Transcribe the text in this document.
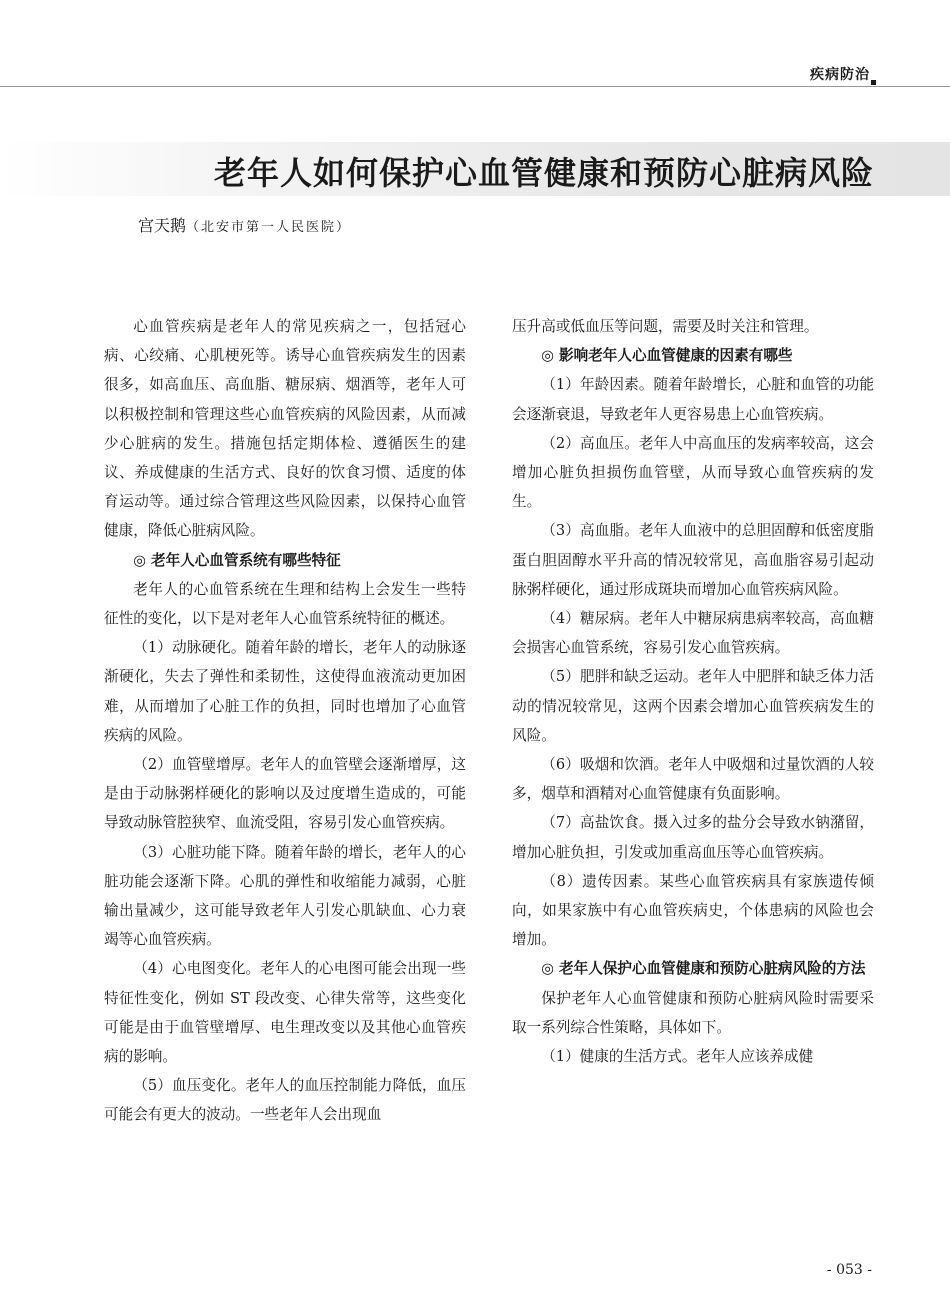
疾病防治
老年人如何保护心血管健康和预防心脏病风险
宫天鹅（北安市第一人民医院）

心血管疾病是老年人的常见疾病之一，包括冠心病、心绞痛、心肌梗死等。诱导心血管疾病发生的因素很多，如高血压、高血脂、糖尿病、烟酒等，老年人可以积极控制和管理这些心血管疾病的风险因素，从而减少心脏病的发生。措施包括定期体检、遵循医生的建议、养成健康的生活方式、良好的饮食习惯、适度的体育运动等。通过综合管理这些风险因素，以保持心血管健康，降低心脏病风险。

◎ 老年人心血管系统有哪些特征

老年人的心血管系统在生理和结构上会发生一些特征性的变化，以下是对老年人心血管系统特征的概述。

（1）动脉硬化。随着年龄的增长，老年人的动脉逐渐硬化，失去了弹性和柔韧性，这使得血液流动更加困难，从而增加了心脏工作的负担，同时也增加了心血管疾病的风险。

（2）血管壁增厚。老年人的血管壁会逐渐增厚，这是由于动脉粥样硬化的影响以及过度增生造成的，可能导致动脉管腔狭窄、血流受阻，容易引发心血管疾病。

（3）心脏功能下降。随着年龄的增长，老年人的心脏功能会逐渐下降。心肌的弹性和收缩能力减弱，心脏输出量减少，这可能导致老年人引发心肌缺血、心力衰竭等心血管疾病。

（4）心电图变化。老年人的心电图可能会出现一些特征性变化，例如 ST 段改变、心律失常等，这些变化可能是由于血管壁增厚、电生理改变以及其他心血管疾病的影响。

（5）血压变化。老年人的血压控制能力降低，血压可能会有更大的波动。一些老年人会出现血

压升高或低血压等问题，需要及时关注和管理。

◎ 影响老年人心血管健康的因素有哪些

（1）年龄因素。随着年龄增长，心脏和血管的功能会逐渐衰退，导致老年人更容易患上心血管疾病。

（2）高血压。老年人中高血压的发病率较高，这会增加心脏负担损伤血管壁，从而导致心血管疾病的发生。

（3）高血脂。老年人血液中的总胆固醇和低密度脂蛋白胆固醇水平升高的情况较常见，高血脂容易引起动脉粥样硬化，通过形成斑块而增加心血管疾病风险。

（4）糖尿病。老年人中糖尿病患病率较高，高血糖会损害心血管系统，容易引发心血管疾病。

（5）肥胖和缺乏运动。老年人中肥胖和缺乏体力活动的情况较常见，这两个因素会增加心血管疾病发生的风险。

（6）吸烟和饮酒。老年人中吸烟和过量饮酒的人较多，烟草和酒精对心血管健康有负面影响。

（7）高盐饮食。摄入过多的盐分会导致水钠潴留，增加心脏负担，引发或加重高血压等心血管疾病。

（8）遗传因素。某些心血管疾病具有家族遗传倾向，如果家族中有心血管疾病史，个体患病的风险也会增加。

◎ 老年人保护心血管健康和预防心脏病风险的方法

保护老年人心血管健康和预防心脏病风险时需要采取一系列综合性策略，具体如下。

（1）健康的生活方式。老年人应该养成健

- 053 -
